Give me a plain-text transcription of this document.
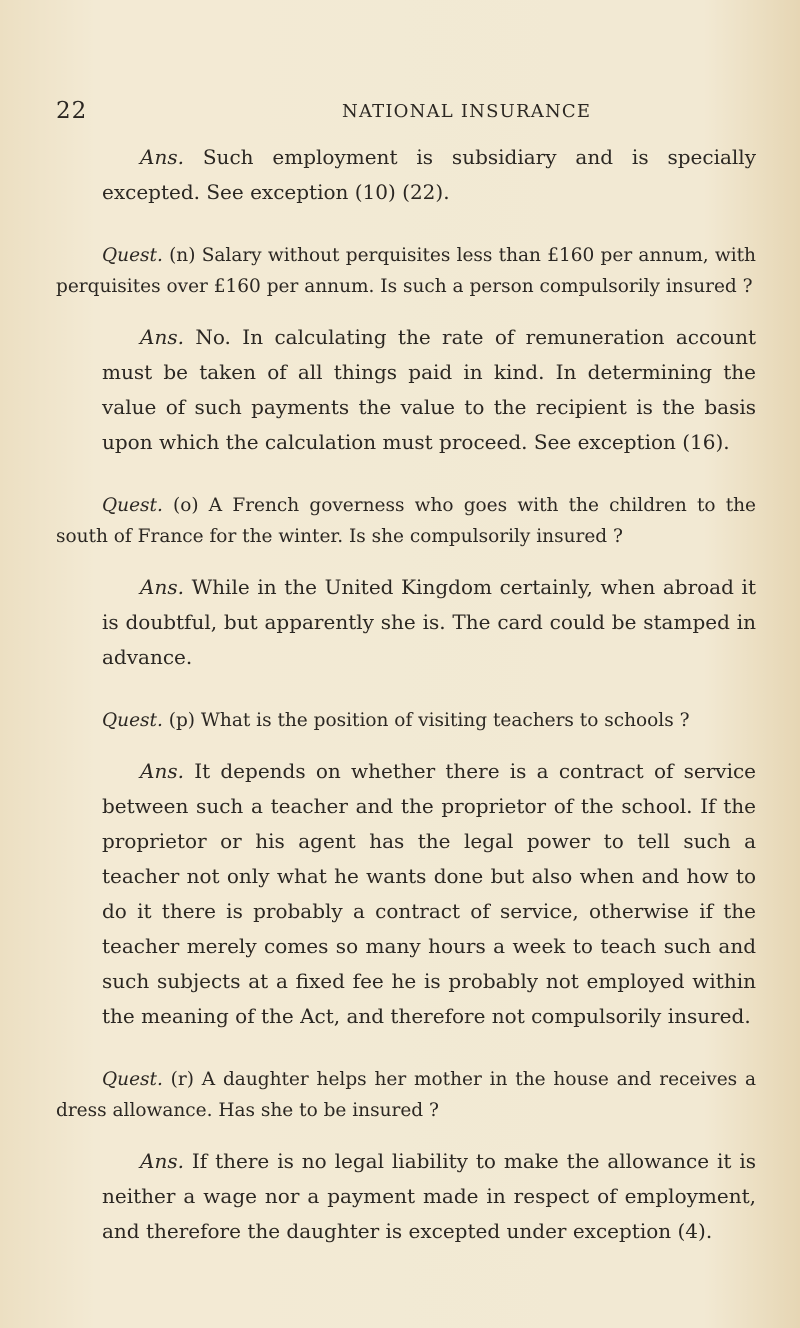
22	NATIONAL INSURANCE

Ans. Such employment is subsidiary and is specially excepted. See exception (10) (22).

Quest. (n) Salary without perquisites less than £160 per annum, with perquisites over £160 per annum. Is such a person compulsorily insured ?

Ans. No. In calculating the rate of remuneration account must be taken of all things paid in kind. In determining the value of such payments the value to the recipient is the basis upon which the calculation must proceed. See exception (16).

Quest. (o) A French governess who goes with the children to the south of France for the winter. Is she compulsorily insured ?

Ans. While in the United Kingdom certainly, when abroad it is doubtful, but apparently she is. The card could be stamped in advance.

Quest. (p) What is the position of visiting teachers to schools ?

Ans. It depends on whether there is a contract of service between such a teacher and the proprietor of the school. If the proprietor or his agent has the legal power to tell such a teacher not only what he wants done but also when and how to do it there is probably a contract of service, otherwise if the teacher merely comes so many hours a week to teach such and such subjects at a fixed fee he is probably not employed within the meaning of the Act, and therefore not compulsorily insured.

Quest. (r) A daughter helps her mother in the house and receives a dress allowance. Has she to be insured ?

Ans. If there is no legal liability to make the allowance it is neither a wage nor a payment made in respect of employment, and therefore the daughter is excepted under exception (4).
